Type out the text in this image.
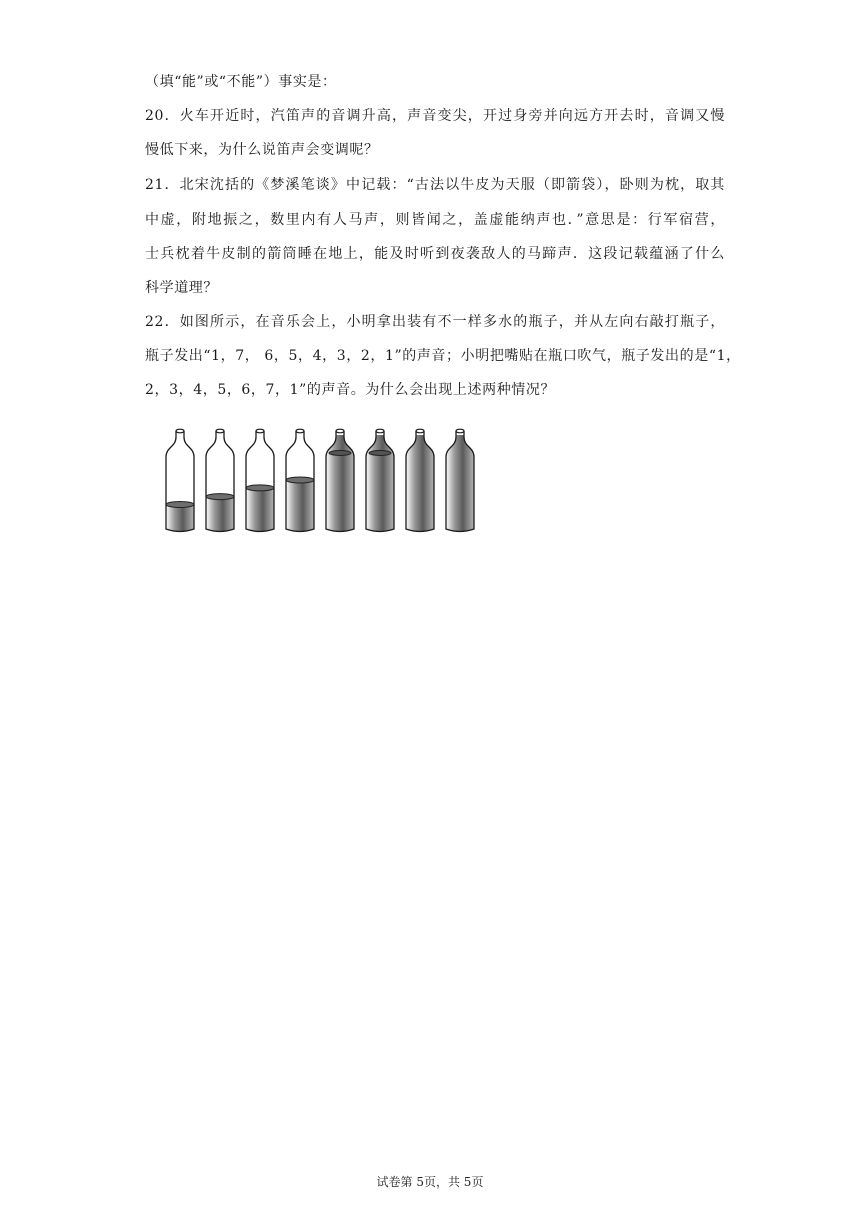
（填“能”或“不能”）事实是：
20．火车开近时，汽笛声的音调升高，声音变尖，开过身旁并向远方开去时，音调又慢
慢低下来，为什么说笛声会变调呢？
21．北宋沈括的《梦溪笔谈》中记载：“古法以牛皮为天服（即箭袋），卧则为枕，取其
中虚，附地振之，数里内有人马声，则皆闻之，盖虚能纳声也．”意思是：行军宿营，
士兵枕着牛皮制的箭筒睡在地上，能及时听到夜袭敌人的马蹄声．这段记载蕴涵了什么
科学道理？
22．如图所示，在音乐会上，小明拿出装有不一样多水的瓶子，并从左向右敲打瓶子，
瓶子发出“1，7， 6，5，4，3，2，1”的声音；小明把嘴贴在瓶口吹气，瓶子发出的是“1，
2，3，4，5，6，7，1”的声音。为什么会出现上述两种情况？
试卷第 5页，共 5页
